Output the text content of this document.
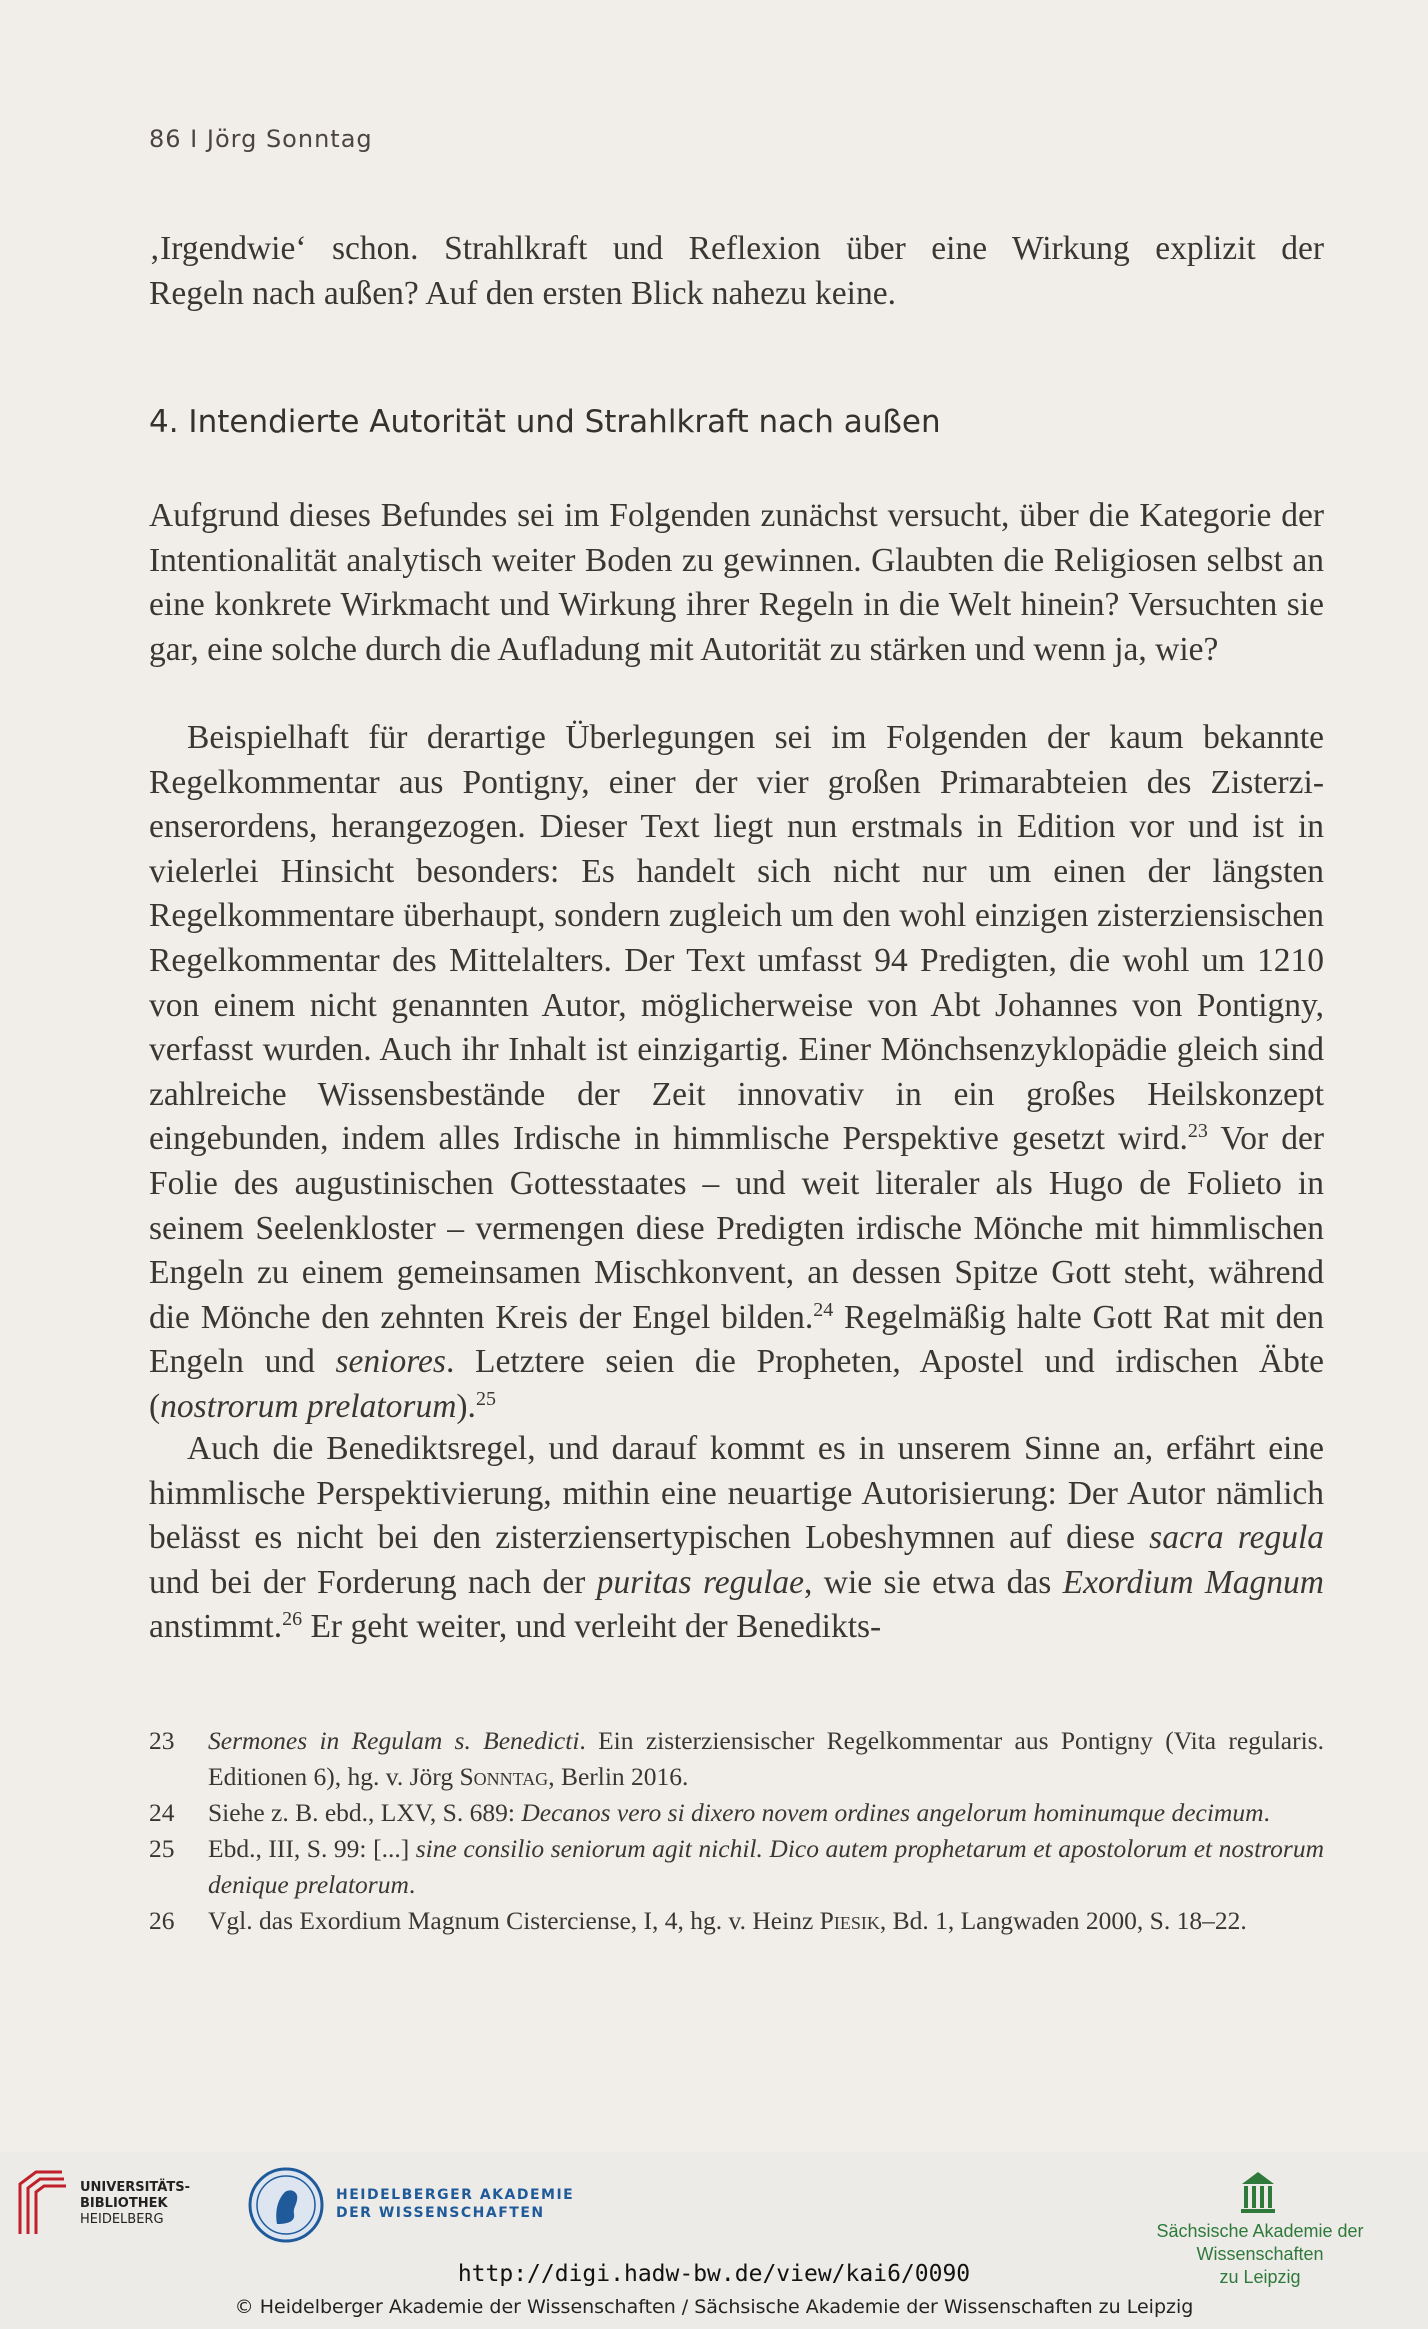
86 I Jörg Sonntag

‚Irgendwie‘ schon. Strahlkraft und Reflexion über eine Wirkung explizit der
Regeln nach außen? Auf den ersten Blick nahezu keine.

4. Intendierte Autorität und Strahlkraft nach außen

Aufgrund dieses Befundes sei im Folgenden zunächst versucht, über die Kategorie der Intentionalität analytisch weiter Boden zu gewinnen. Glaubten die Religiosen selbst an eine konkrete Wirkmacht und Wirkung ihrer Regeln in die Welt hinein? Versuchten sie gar, eine solche durch die Aufladung mit Autorität zu stärken und wenn ja, wie?

Beispielhaft für derartige Überlegungen sei im Folgenden der kaum bekannte Regelkommentar aus Pontigny, einer der vier großen Primarabteien des Zisterzienserordens, herangezogen. Dieser Text liegt nun erstmals in Edition vor und ist in vielerlei Hinsicht besonders: Es handelt sich nicht nur um einen der längsten Regelkommentare überhaupt, sondern zugleich um den wohl einzigen zisterziensischen Regelkommentar des Mittelalters. Der Text umfasst 94 Predigten, die wohl um 1210 von einem nicht genannten Autor, möglicherweise von Abt Johannes von Pontigny, verfasst wurden. Auch ihr Inhalt ist einzigartig. Einer Mönchsenzyklopädie gleich sind zahlreiche Wissensbestände der Zeit innovativ in ein großes Heilskonzept eingebunden, indem alles Irdische in himmlische Perspektive gesetzt wird.$^{23}$ Vor der Folie des augustinischen Gottesstaates – und weit literaler als Hugo de Folieto in seinem Seelenkloster – vermengen diese Predigten irdische Mönche mit himmlischen Engeln zu einem gemeinsamen Mischkonvent, an dessen Spitze Gott steht, während die Mönche den zehnten Kreis der Engel bilden.$^{24}$ Regelmäßig halte Gott Rat mit den Engeln und seniores. Letztere seien die Propheten, Apostel und irdischen Äbte (nostrorum prelatorum).$^{25}$

Auch die Benediktsregel, und darauf kommt es in unserem Sinne an, erfährt eine himmlische Perspektivierung, mithin eine neuartige Autorisierung: Der Autor nämlich belässt es nicht bei den zisterziensertypischen Lobeshymnen auf diese sacra regula und bei der Forderung nach der puritas regulae, wie sie etwa das Exordium Magnum anstimmt.$^{26}$ Er geht weiter, und verleiht der Benedikts-

23	Sermones in Regulam s. Benedicti. Ein zisterziensischer Regelkommentar aus Pontigny (Vita regularis. Editionen 6), hg. v. Jörg Sonntag, Berlin 2016.
24	Siehe z. B. ebd., LXV, S. 689: Decanos vero si dixero novem ordines angelorum hominumque decimum.
25	Ebd., III, S. 99: [...] sine consilio seniorum agit nichil. Dico autem prophetarum et apostolorum et nostrorum denique prelatorum.
26	Vgl. das Exordium Magnum Cisterciense, I, 4, hg. v. Heinz Piesik, Bd. 1, Langwaden 2000, S. 18–22.
UNIVERSITÄTS-
BIBLIOTHEK
HEIDELBERG
HEIDELBERGER AKADEMIE
DER WISSENSCHAFTEN
Sächsische Akademie der Wissenschaften
zu Leipzig
http://digi.hadw-bw.de/view/kai6/0090
© Heidelberger Akademie der Wissenschaften / Sächsische Akademie der Wissenschaften zu Leipzig
